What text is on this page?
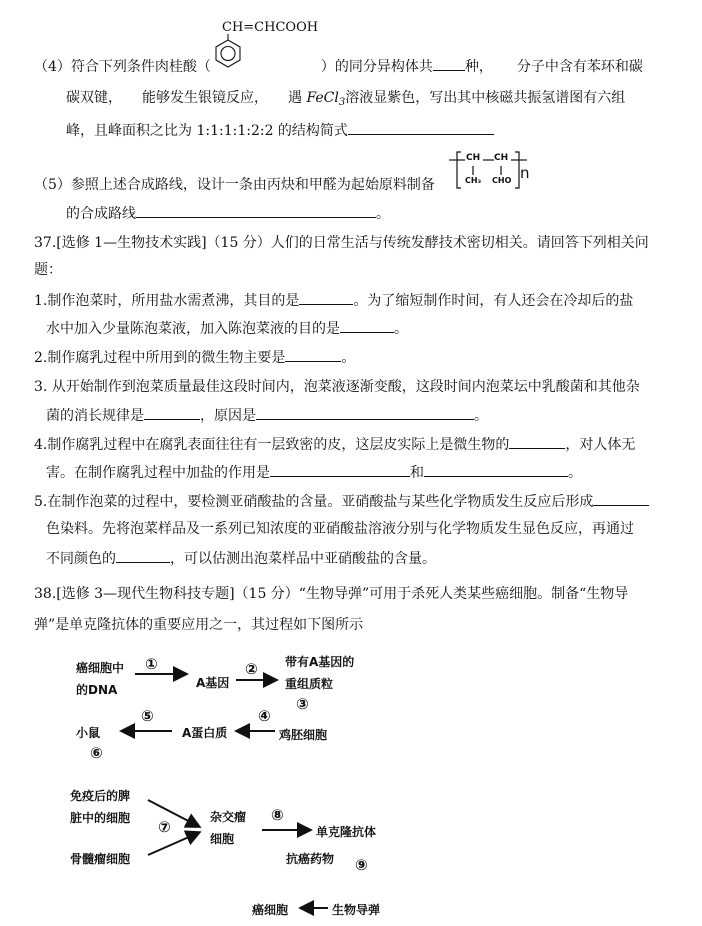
CH=CHCOOH
（4）符合下列条件肉桂酸（	）的同分异构体共 种， 分子中含有苯环和碳
碳双键， 能够发生银镜反应， 遇 FeCl$_3$溶液显紫色，写出其中核磁共振氢谱图有六组
峰，且峰面积之比为 1:1:1:1:2:2 的结构简式
（5）参照上述合成路线，设计一条由丙炔和甲醛为起始原料制备
CH CH
CH₃ CHO n
的合成路线	。
37.[选修 1—生物技术实践]（15 分）人们的日常生活与传统发酵技术密切相关。请回答下列相关问
题：
1.制作泡菜时，所用盐水需煮沸，其目的是	。为了缩短制作时间，有人还会在冷却后的盐
水中加入少量陈泡菜液，加入陈泡菜液的目的是	。
2.制作腐乳过程中所用到的微生物主要是	。
3. 从开始制作到泡菜质量最佳这段时间内，泡菜液逐渐变酸，这段时间内泡菜坛中乳酸菌和其他杂
菌的消长规律是	，原因是	。
4.制作腐乳过程中在腐乳表面往往有一层致密的皮，这层皮实际上是微生物的	，对人体无
害。在制作腐乳过程中加盐的作用是	和	。
5.在制作泡菜的过程中，要检测亚硝酸盐的含量。亚硝酸盐与某些化学物质发生反应后形成
色染料。先将泡菜样品及一系列已知浓度的亚硝酸盐溶液分别与化学物质发生显色反应，再通过
不同颜色的	，可以估测出泡菜样品中亚硝酸盐的含量。
38.[选修 3—现代生物科技专题]（15 分）“生物导弹”可用于杀死人类某些癌细胞。制备“生物导
弹”是单克隆抗体的重要应用之一，其过程如下图所示
癌细胞中
的DNA
①
A基因
② 带有A基因的
重组质粒
③
小鼠
⑤
⑥
A蛋白质
④
鸡胚细胞
免疫后的脾
脏中的细胞 ⑦
骨髓瘤细胞
杂交瘤
细胞
⑧
单克隆抗体
抗癌药物 ⑨
癌细胞	生物导弹
